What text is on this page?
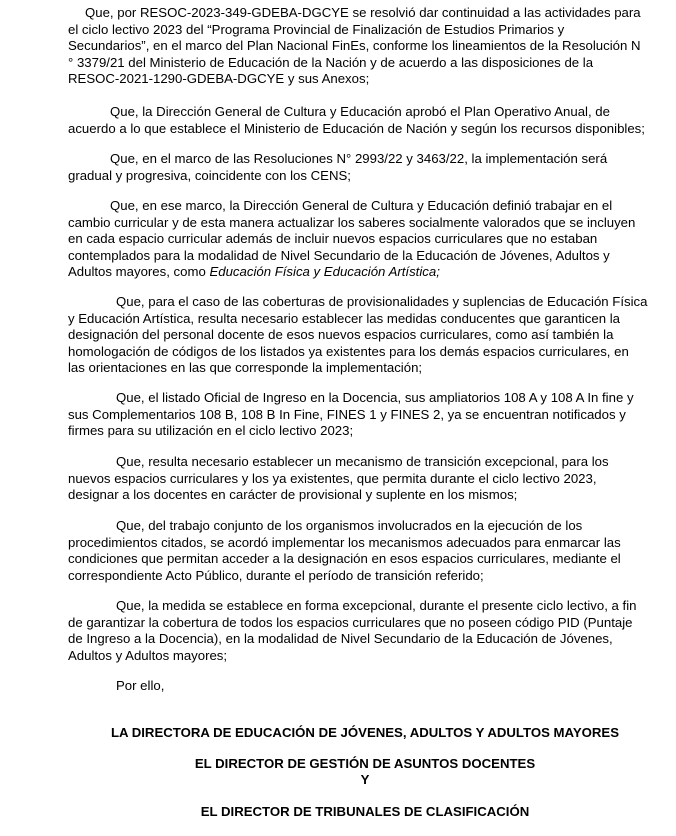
Que, por RESOC-2023-349-GDEBA-DGCYE se resolvió dar continuidad a las actividades para
el ciclo lectivo 2023 del “Programa Provincial de Finalización de Estudios Primarios y
Secundarios”, en el marco del Plan Nacional FinEs, conforme los lineamientos de la Resolución N
° 3379/21 del Ministerio de Educación de la Nación y de acuerdo a las disposiciones de la
RESOC-2021-1290-GDEBA-DGCYE y sus Anexos;

Que, la Dirección General de Cultura y Educación aprobó el Plan Operativo Anual, de
acuerdo a lo que establece el Ministerio de Educación de Nación y según los recursos disponibles;

Que, en el marco de las Resoluciones N° 2993/22 y 3463/22, la implementación será
gradual y progresiva, coincidente con los CENS;

Que, en ese marco, la Dirección General de Cultura y Educación definió trabajar en el
cambio curricular y de esta manera actualizar los saberes socialmente valorados que se incluyen
en cada espacio curricular además de incluir nuevos espacios curriculares que no estaban
contemplados para la modalidad de Nivel Secundario de la Educación de Jóvenes, Adultos y
Adultos mayores, como Educación Física y Educación Artística;

Que, para el caso de las coberturas de provisionalidades y suplencias de Educación Física
y Educación Artística, resulta necesario establecer las medidas conducentes que garanticen la
designación del personal docente de esos nuevos espacios curriculares, como así también la
homologación de códigos de los listados ya existentes para los demás espacios curriculares, en
las orientaciones en las que corresponde la implementación;

Que, el listado Oficial de Ingreso en la Docencia, sus ampliatorios 108 A y 108 A In fine y
sus Complementarios 108 B, 108 B In Fine, FINES 1 y FINES 2, ya se encuentran notificados y
firmes para su utilización en el ciclo lectivo 2023;

Que, resulta necesario establecer un mecanismo de transición excepcional, para los
nuevos espacios curriculares y los ya existentes, que permita durante el ciclo lectivo 2023,
designar a los docentes en carácter de provisional y suplente en los mismos;

Que, del trabajo conjunto de los organismos involucrados en la ejecución de los
procedimientos citados, se acordó implementar los mecanismos adecuados para enmarcar las
condiciones que permitan acceder a la designación en esos espacios curriculares, mediante el
correspondiente Acto Público, durante el período de transición referido;

Que, la medida se establece en forma excepcional, durante el presente ciclo lectivo, a fin
de garantizar la cobertura de todos los espacios curriculares que no poseen código PID (Puntaje
de Ingreso a la Docencia), en la modalidad de Nivel Secundario de la Educación de Jóvenes,
Adultos y Adultos mayores;

Por ello,

LA DIRECTORA DE EDUCACIÓN DE JÓVENES, ADULTOS Y ADULTOS MAYORES

EL DIRECTOR DE GESTIÓN DE ASUNTOS DOCENTES

Y

EL DIRECTOR DE TRIBUNALES DE CLASIFICACIÓN
